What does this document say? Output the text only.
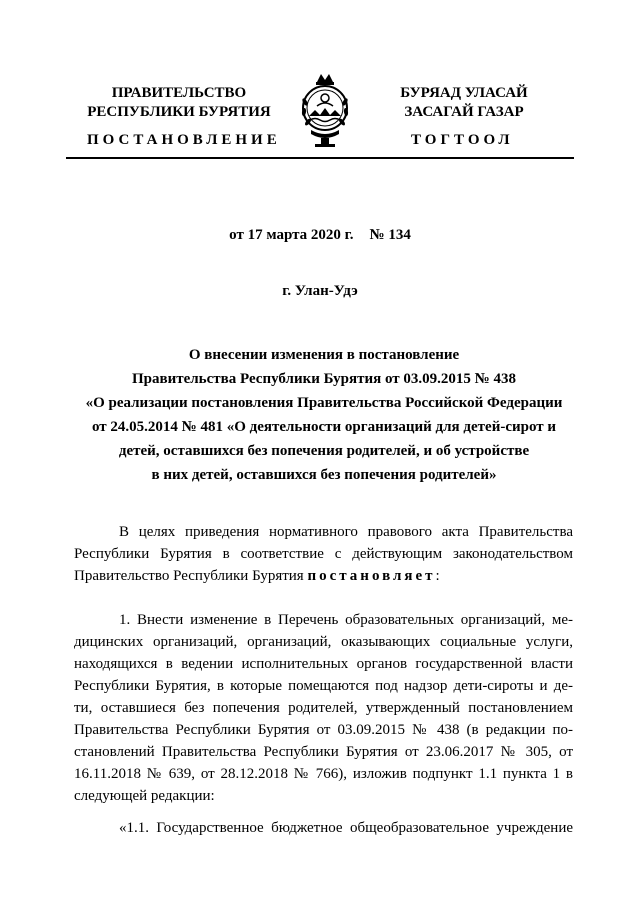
ПРАВИТЕЛЬСТВО
РЕСПУБЛИКИ БУРЯТИЯ
БУРЯАД УЛАСАЙ
ЗАСАГАЙ ГАЗАР
ПОСТАНОВЛЕНИЕ	ТОГТООЛ
от 17 марта 2020 г. № 134
г. Улан-Удэ
О внесении изменения в постановление
Правительства Республики Бурятия от 03.09.2015 № 438
«О реализации постановления Правительства Российской Федерации
от 24.05.2014 № 481 «О деятельности организаций для детей-сирот и
детей, оставшихся без попечения родителей, и об устройстве
в них детей, оставшихся без попечения родителей»
В целях приведения нормативного правового акта Правительства
Республики Бурятия в соответствие с действующим законодательством
Правительство Республики Бурятия постановляет:
1. Внести изменение в Перечень образовательных организаций, ме-
дицинских организаций, организаций, оказывающих социальные услуги,
находящихся в ведении исполнительных органов государственной власти
Республики Бурятия, в которые помещаются под надзор дети-сироты и де-
ти, оставшиеся без попечения родителей, утвержденный постановлением
Правительства Республики Бурятия от 03.09.2015 № 438 (в редакции по-
становлений Правительства Республики Бурятия от 23.06.2017 № 305, от
16.11.2018 № 639, от 28.12.2018 № 766), изложив подпункт 1.1 пункта 1 в
следующей редакции:
«1.1. Государственное бюджетное общеобразовательное учреждение
